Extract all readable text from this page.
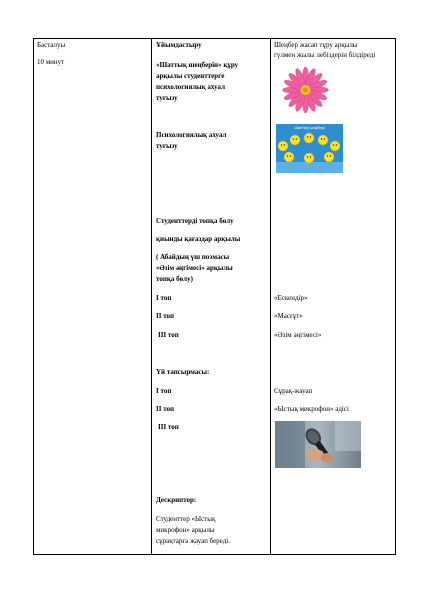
Басталуы
10 минут
Ұйымдастыру
«Шаттық шеңберін» құру
арқылы студенттерге
психологиялық ахуал
туғызу
Психологиялық ахуал
туғызу
Студенттерді топқа бөлу
қиынды қағаздар арқылы
( Абайдың үш поэмасы
«Әзім әңгімесі» арқылы
топқа бөлу)
I топ
II топ
III топ
Үй тапсырмасы:
I топ
II топ
III топ
Дескриптор:
Студенттер «Ыстық
микрофон» арқылы
сұрақтарға жауап береді.
Шеңбер жасап тұру арқылы
гүлмен жылы лебіздерін білдіреді
Шаттық шеңбері
«Ескендір»
«Масғұт»
«Әзім әңгімесі»
Сұрақ-жауап
«Ыстық микрофон» әдісі
